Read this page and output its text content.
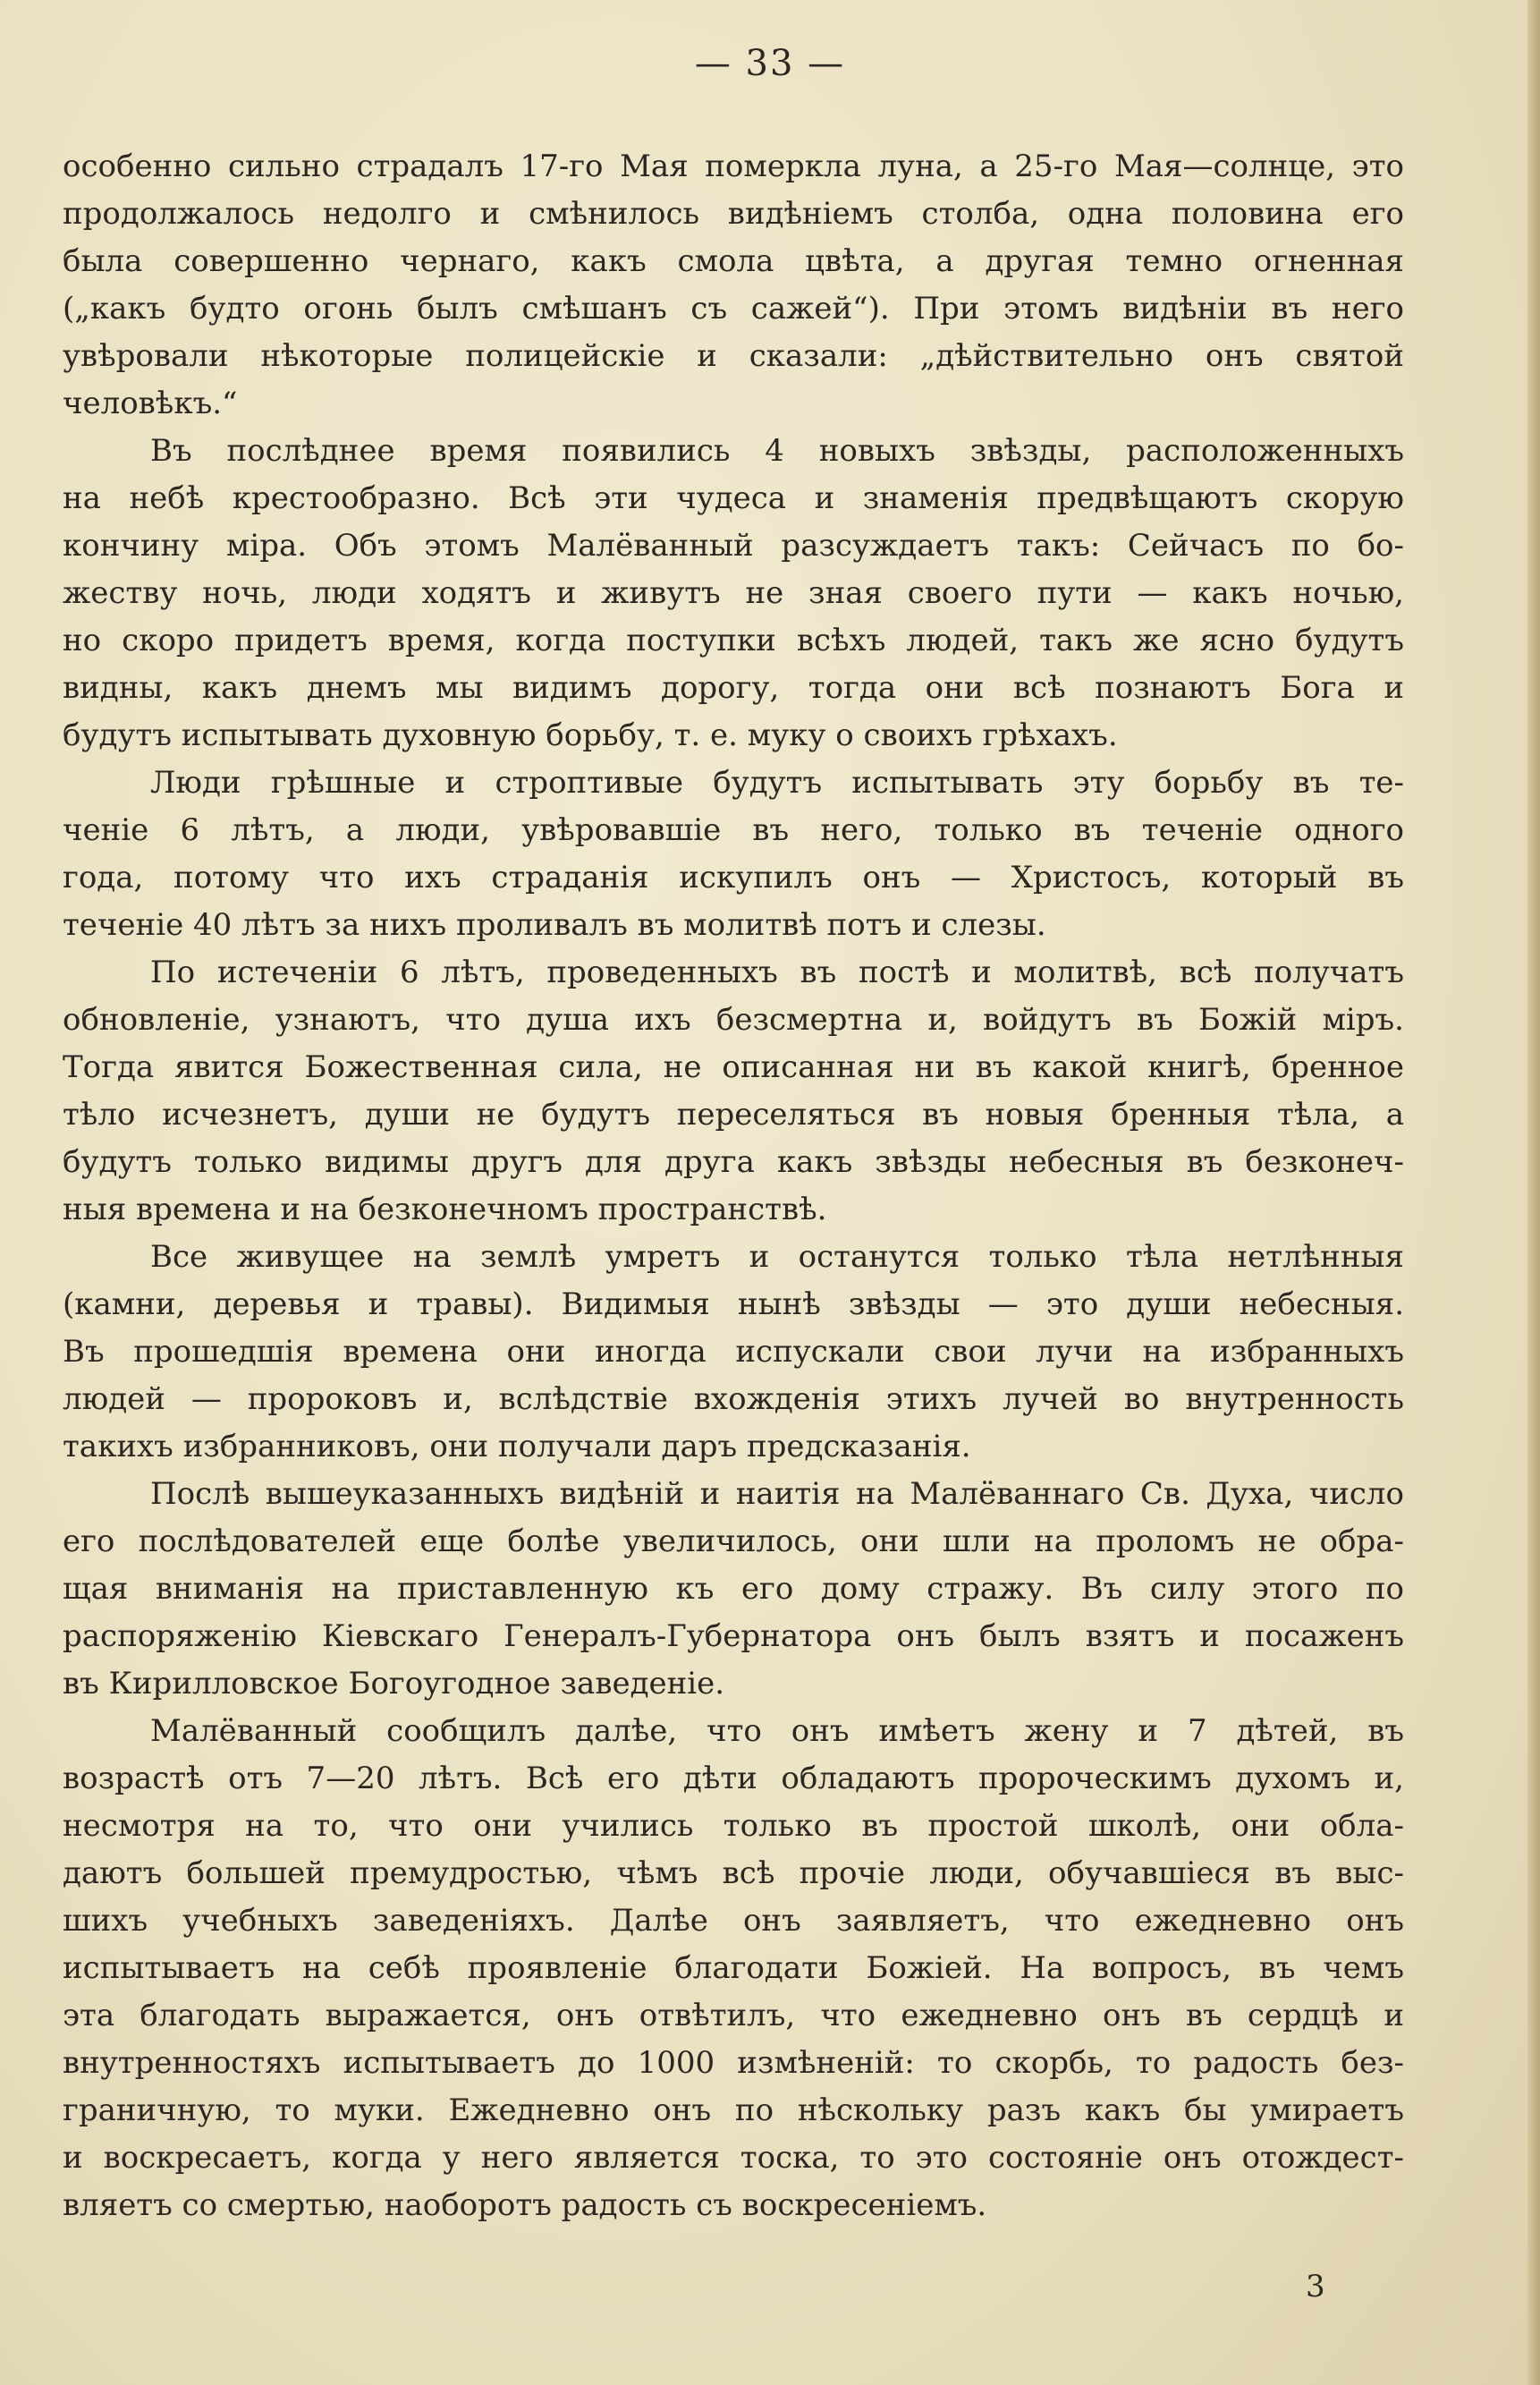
— 33 —
особенно сильно страдалъ 17-го Мая померкла луна, а 25-го Мая—солнце, это
продолжалось недолго и смѣнилось видѣніемъ столба, одна половина его
была совершенно чернаго, какъ смола цвѣта, а другая темно огненная
(„какъ будто огонь былъ смѣшанъ съ сажей“). При этомъ видѣніи въ него
увѣровали нѣкоторые полицейскіе и сказали: „дѣйствительно онъ святой
человѣкъ.“
Въ послѣднее время появились 4 новыхъ звѣзды, расположенныхъ
на небѣ крестообразно. Всѣ эти чудеса и знаменія предвѣщаютъ скорую
кончину міра. Объ этомъ Малёванный разсуждаетъ такъ: Сейчасъ по бо-
жеству ночь, люди ходятъ и живутъ не зная своего пути — какъ ночью,
но скоро придетъ время, когда поступки всѣхъ людей, такъ же ясно будутъ
видны, какъ днемъ мы видимъ дорогу, тогда они всѣ познаютъ Бога и
будутъ испытывать духовную борьбу, т. е. муку о своихъ грѣхахъ.
Люди грѣшные и строптивые будутъ испытывать эту борьбу въ те-
ченіе 6 лѣтъ, а люди, увѣровавшіе въ него, только въ теченіе одного
года, потому что ихъ страданія искупилъ онъ — Христосъ, который въ
теченіе 40 лѣтъ за нихъ проливалъ въ молитвѣ потъ и слезы.
По истеченіи 6 лѣтъ, проведенныхъ въ постѣ и молитвѣ, всѣ получатъ
обновленіе, узнаютъ, что душа ихъ безсмертна и, войдутъ въ Божій міръ.
Тогда явится Божественная сила, не описанная ни въ какой книгѣ, бренное
тѣло исчезнетъ, души не будутъ переселяться въ новыя бренныя тѣла, а
будутъ только видимы другъ для друга какъ звѣзды небесныя въ безконеч-
ныя времена и на безконечномъ пространствѣ.
Все живущее на землѣ умретъ и останутся только тѣла нетлѣнныя
(камни, деревья и травы). Видимыя нынѣ звѣзды — это души небесныя.
Въ прошедшія времена они иногда испускали свои лучи на избранныхъ
людей — пророковъ и, вслѣдствіе вхожденія этихъ лучей во внутренность
такихъ избранниковъ, они получали даръ предсказанія.
Послѣ вышеуказанныхъ видѣній и наитія на Малёваннаго Св. Духа, число
его послѣдователей еще болѣе увеличилось, они шли на проломъ не обра-
щая вниманія на приставленную къ его дому стражу. Въ силу этого по
распоряженію Кіевскаго Генералъ-Губернатора онъ былъ взятъ и посаженъ
въ Кирилловское Богоугодное заведеніе.
Малёванный сообщилъ далѣе, что онъ имѣетъ жену и 7 дѣтей, въ
возрастѣ отъ 7—20 лѣтъ. Всѣ его дѣти обладаютъ пророческимъ духомъ и,
несмотря на то, что они учились только въ простой школѣ, они обла-
даютъ большей премудростью, чѣмъ всѣ прочіе люди, обучавшіеся въ выс-
шихъ учебныхъ заведеніяхъ. Далѣе онъ заявляетъ, что ежедневно онъ
испытываетъ на себѣ проявленіе благодати Божіей. На вопросъ, въ чемъ
эта благодать выражается, онъ отвѣтилъ, что ежедневно онъ въ сердцѣ и
внутренностяхъ испытываетъ до 1000 измѣненій: то скорбь, то радость без-
граничную, то муки. Ежедневно онъ по нѣскольку разъ какъ бы умираетъ
и воскресаетъ, когда у него является тоска, то это состояніе онъ отождест-
вляетъ со смертью, наоборотъ радость съ воскресеніемъ.
3
